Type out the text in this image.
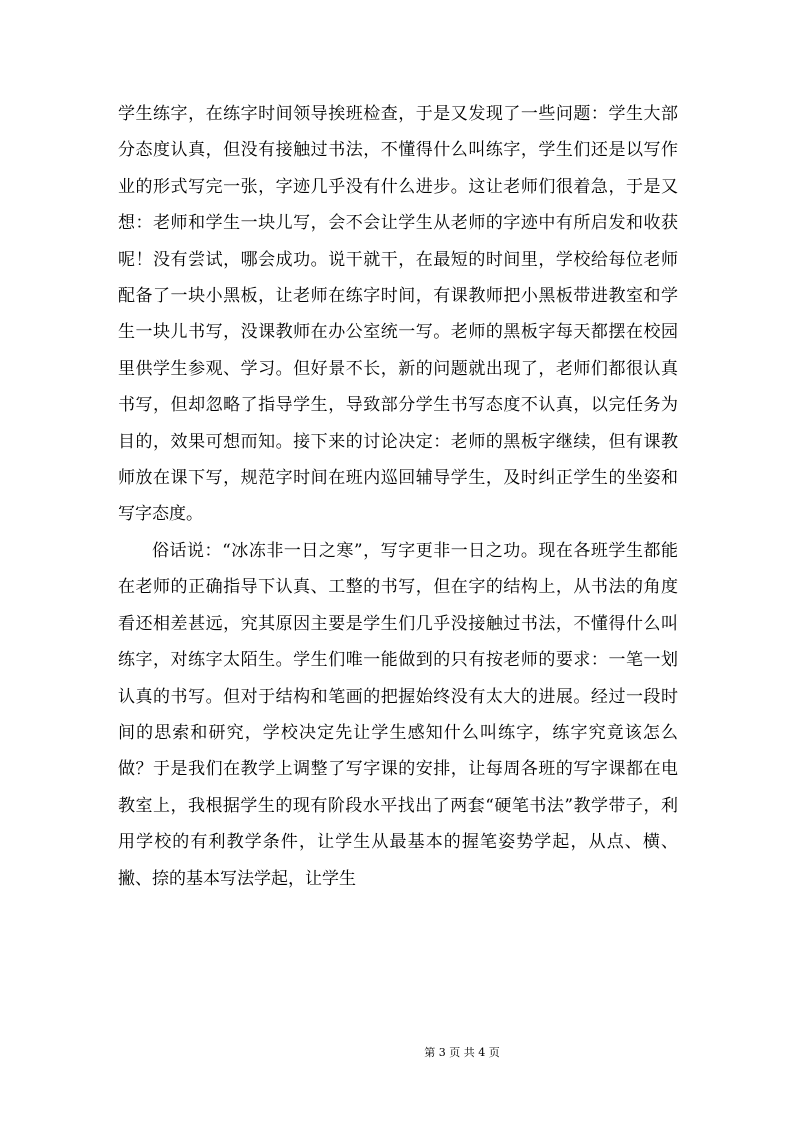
学生练字，在练字时间领导挨班检查，于是又发现了一些问题：学生大部分态度认真，但没有接触过书法，不懂得什么叫练字，学生们还是以写作业的形式写完一张，字迹几乎没有什么进步。这让老师们很着急，于是又想：老师和学生一块儿写，会不会让学生从老师的字迹中有所启发和收获呢！没有尝试，哪会成功。说干就干，在最短的时间里，学校给每位老师配备了一块小黑板，让老师在练字时间，有课教师把小黑板带进教室和学生一块儿书写，没课教师在办公室统一写。老师的黑板字每天都摆在校园里供学生参观、学习。但好景不长，新的问题就出现了，老师们都很认真书写，但却忽略了指导学生，导致部分学生书写态度不认真，以完任务为目的，效果可想而知。接下来的讨论决定：老师的黑板字继续，但有课教师放在课下写，规范字时间在班内巡回辅导学生，及时纠正学生的坐姿和写字态度。

俗话说：“冰冻非一日之寒”，写字更非一日之功。现在各班学生都能在老师的正确指导下认真、工整的书写，但在字的结构上，从书法的角度看还相差甚远，究其原因主要是学生们几乎没接触过书法，不懂得什么叫练字，对练字太陌生。学生们唯一能做到的只有按老师的要求：一笔一划认真的书写。但对于结构和笔画的把握始终没有太大的进展。经过一段时间的思索和研究，学校决定先让学生感知什么叫练字，练字究竟该怎么做？于是我们在教学上调整了写字课的安排，让每周各班的写字课都在电教室上，我根据学生的现有阶段水平找出了两套“硬笔书法”教学带子，利用学校的有利教学条件，让学生从最基本的握笔姿势学起，从点、横、撇、捺的基本写法学起，让学生

第 3 页 共 4 页
